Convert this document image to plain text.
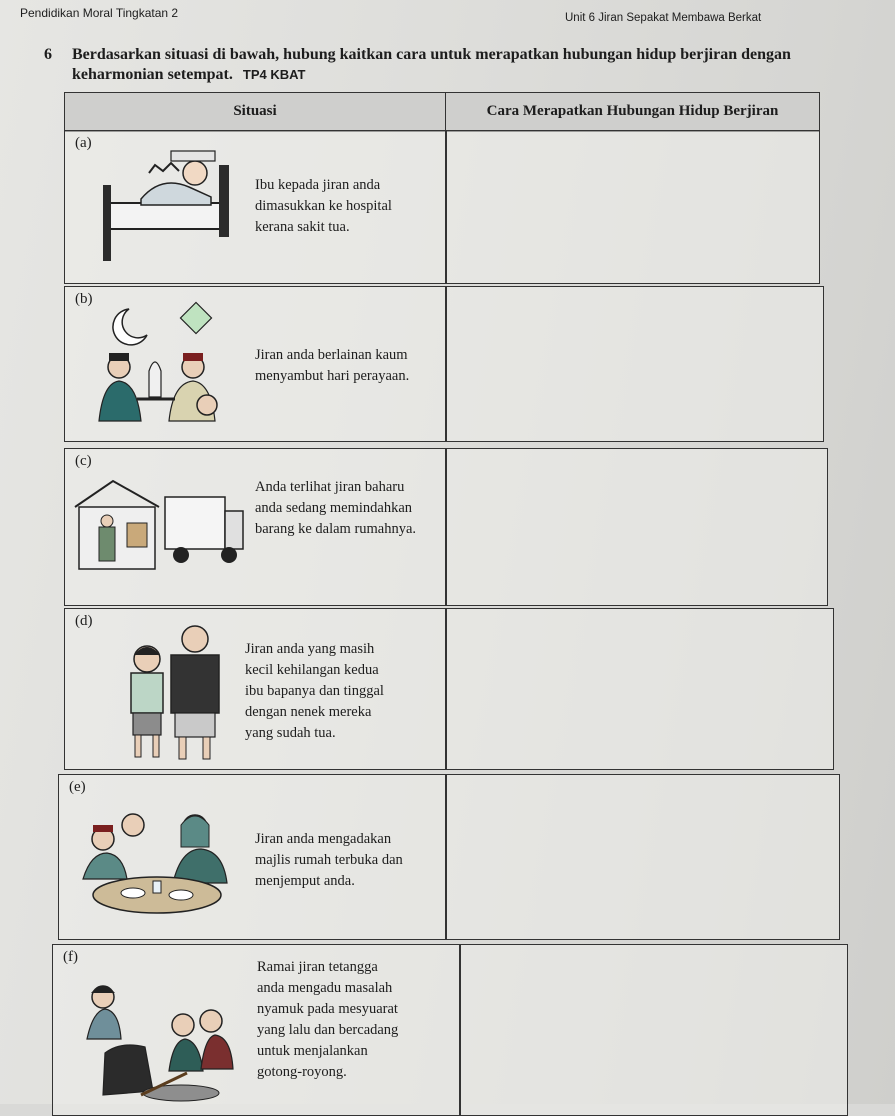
Pendidikan Moral Tingkatan 2	Unit 6 Jiran Sepakat Membawa Berkat
6 Berdasarkan situasi di bawah, hubung kaitkan cara untuk merapatkan hubungan hidup berjiran dengan keharmonian setempat. TP4 KBAT
Situasi	Cara Merapatkan Hubungan Hidup Berjiran
(a)
Ibu kepada jiran anda
dimasukkan ke hospital
kerana sakit tua.
(b)
Jiran anda berlainan kaum
menyambut hari perayaan.
(c)
Anda terlihat jiran baharu
anda sedang memindahkan
barang ke dalam rumahnya.
(d)
Jiran anda yang masih
kecil kehilangan kedua
ibu bapanya dan tinggal
dengan nenek mereka
yang sudah tua.
(e)
Jiran anda mengadakan
majlis rumah terbuka dan
menjemput anda.
(f)
Ramai jiran tetangga
anda mengadu masalah
nyamuk pada mesyuarat
yang lalu dan bercadang
untuk menjalankan
gotong-royong.
